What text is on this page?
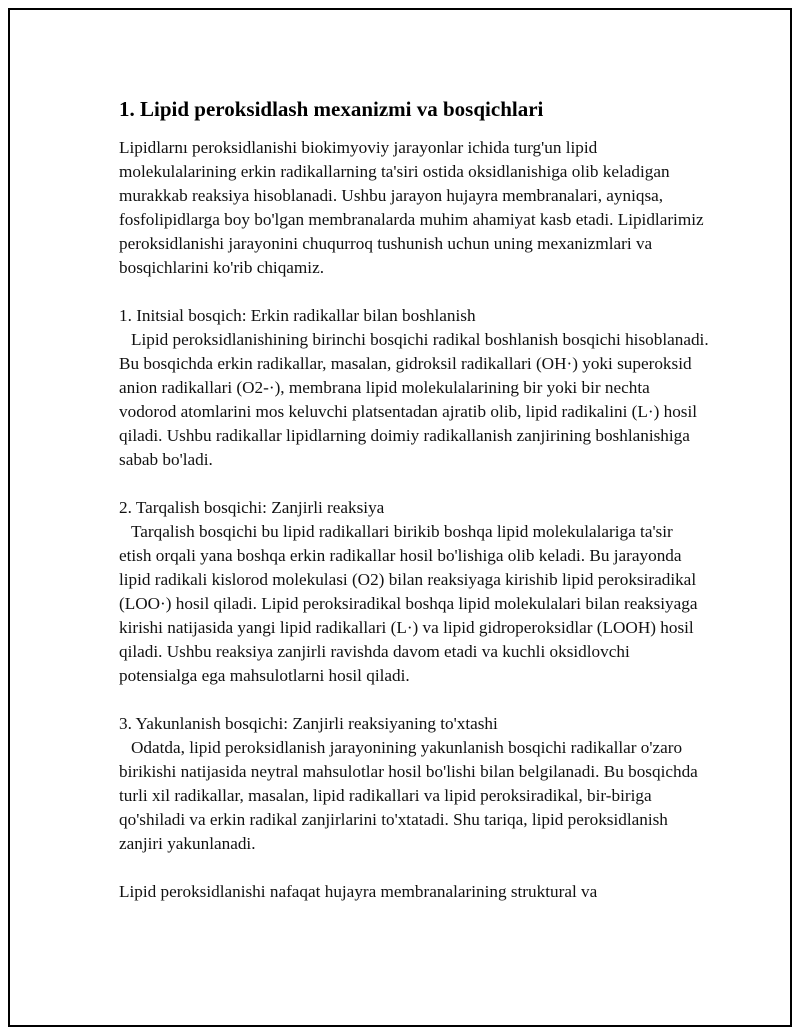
1. Lipid peroksidlash mexanizmi va bosqichlari

Lipidlarnı peroksidlanishi biokimyoviy jarayonlar ichida turg'un lipid molekulalarining erkin radikallarning ta'siri ostida oksidlanishiga olib keladigan murakkab reaksiya hisoblanadi. Ushbu jarayon hujayra membranalari, ayniqsa, fosfolipidlarga boy bo'lgan membranalarda muhim ahamiyat kasb etadi. Lipidlarimiz peroksidlanishi jarayonini chuqurroq tushunish uchun uning mexanizmlari va bosqichlarini ko'rib chiqamiz.

1. Initsial bosqich: Erkin radikallar bilan boshlanish

Lipid peroksidlanishining birinchi bosqichi radikal boshlanish bosqichi hisoblanadi. Bu bosqichda erkin radikallar, masalan, gidroksil radikallari (OH·) yoki superoksid anion radikallari (O2-·), membrana lipid molekulalarining bir yoki bir nechta vodorod atomlarini mos keluvchi platsentadan ajratib olib, lipid radikalini (L·) hosil qiladi. Ushbu radikallar lipidlarning doimiy radikallanish zanjirining boshlanishiga sabab bo'ladi.

2. Tarqalish bosqichi: Zanjirli reaksiya

Tarqalish bosqichi bu lipid radikallari birikib boshqa lipid molekulalariga ta'sir etish orqali yana boshqa erkin radikallar hosil bo'lishiga olib keladi. Bu jarayonda lipid radikali kislorod molekulasi (O2) bilan reaksiyaga kirishib lipid peroksiradikal (LOO·) hosil qiladi. Lipid peroksiradikal boshqa lipid molekulalari bilan reaksiyaga kirishi natijasida yangi lipid radikallari (L·) va lipid gidroperoksidlar (LOOH) hosil qiladi. Ushbu reaksiya zanjirli ravishda davom etadi va kuchli oksidlovchi potensialga ega mahsulotlarni hosil qiladi.

3. Yakunlanish bosqichi: Zanjirli reaksiyaning to'xtashi

Odatda, lipid peroksidlanish jarayonining yakunlanish bosqichi radikallar o'zaro birikishi natijasida neytral mahsulotlar hosil bo'lishi bilan belgilanadi. Bu bosqichda turli xil radikallar, masalan, lipid radikallari va lipid peroksiradikal, bir-biriga qo'shiladi va erkin radikal zanjirlarini to'xtatadi. Shu tariqa, lipid peroksidlanish zanjiri yakunlanadi.

Lipid peroksidlanishi nafaqat hujayra membranalarining struktural va
